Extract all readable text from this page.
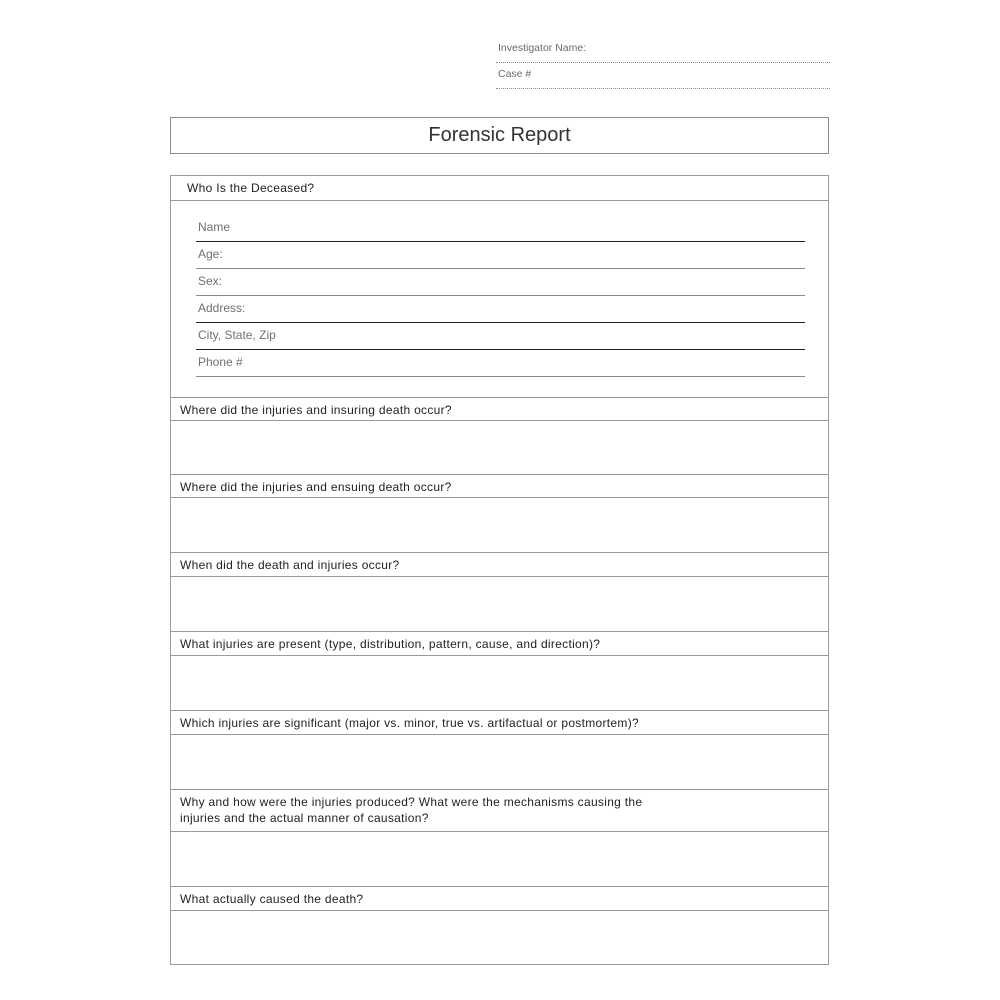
Investigator Name:
Case #
Forensic Report
Who Is the Deceased?
Name
Age:
Sex:
Address:
City, State, Zip
Phone #
Where did the injuries and insuring death occur?
Where did the injuries and ensuing death occur?
When did the death and injuries occur?
What injuries are present (type, distribution, pattern, cause, and direction)?
Which injuries are significant (major vs. minor, true vs. artifactual or postmortem)?
Why and how were the injuries produced? What were the mechanisms causing the
injuries and the actual manner of causation?
What actually caused the death?
